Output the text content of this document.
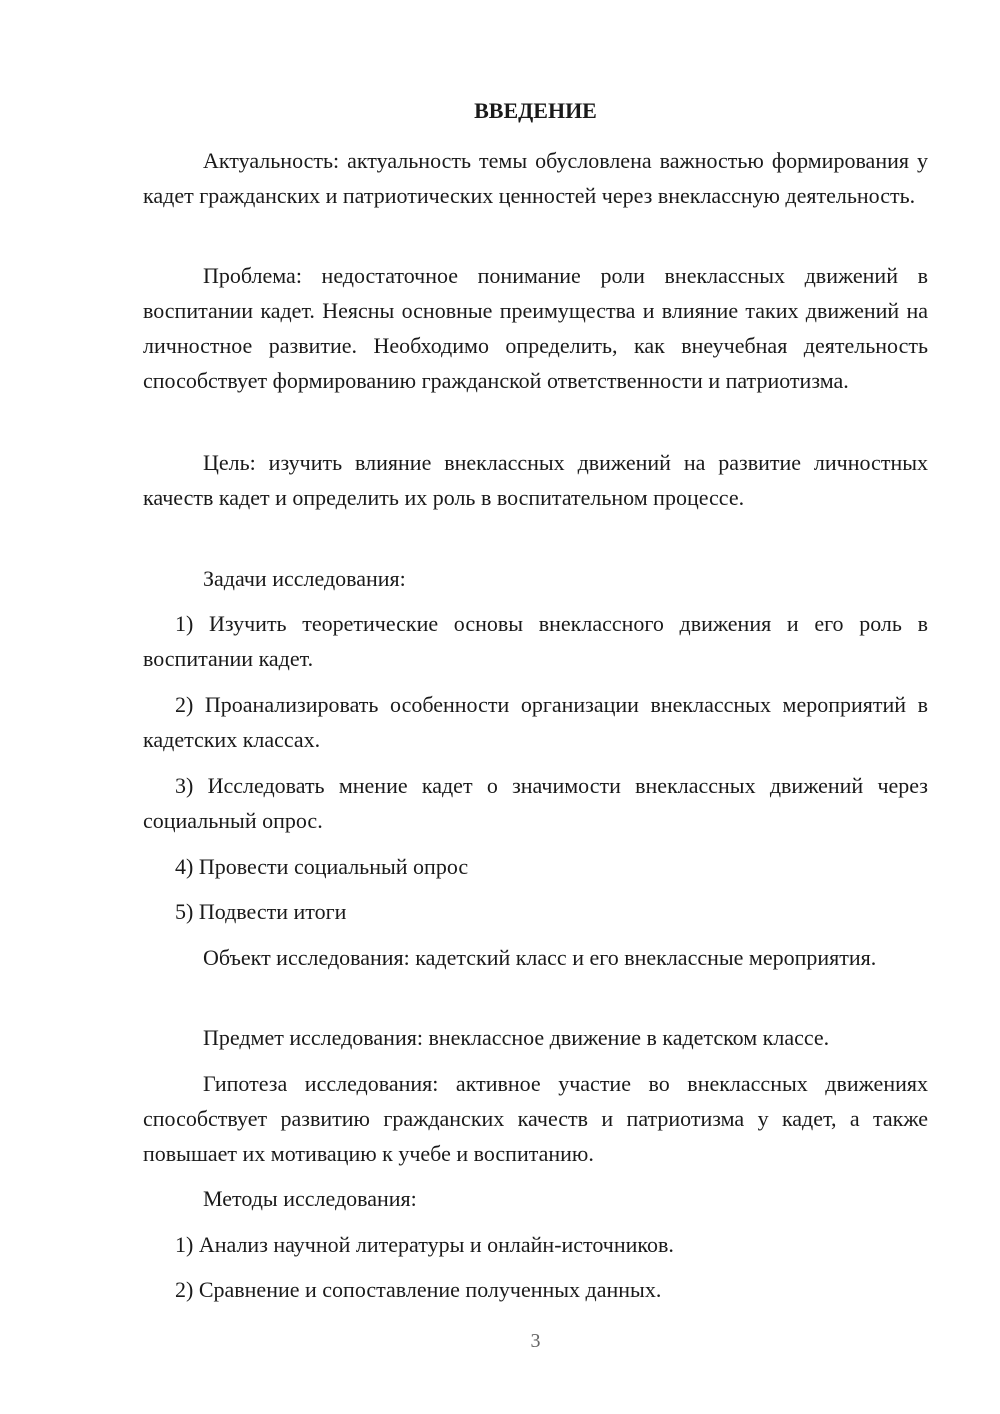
ВВЕДЕНИЕ

Актуальность: актуальность темы обусловлена важностью формирования у кадет гражданских и патриотических ценностей через внеклассную деятельность.

Проблема: недостаточное понимание роли внеклассных движений в воспитании кадет. Неясны основные преимущества и влияние таких движений на личностное развитие. Необходимо определить, как внеучебная деятельность способствует формированию гражданской ответственности и патриотизма.

Цель: изучить влияние внеклассных движений на развитие личностных качеств кадет и определить их роль в воспитательном процессе.

Задачи исследования:

1) Изучить теоретические основы внеклассного движения и его роль в воспитании кадет.

2) Проанализировать особенности организации внеклассных мероприятий в кадетских классах.

3) Исследовать мнение кадет о значимости внеклассных движений через социальный опрос.

4) Провести социальный опрос

5) Подвести итоги

Объект исследования: кадетский класс и его внеклассные мероприятия.

Предмет исследования: внеклассное движение в кадетском классе.

Гипотеза исследования: активное участие во внеклассных движениях способствует развитию гражданских качеств и патриотизма у кадет, а также повышает их мотивацию к учебе и воспитанию.

Методы исследования:

1) Анализ научной литературы и онлайн-источников.

2) Сравнение и сопоставление полученных данных.

3
